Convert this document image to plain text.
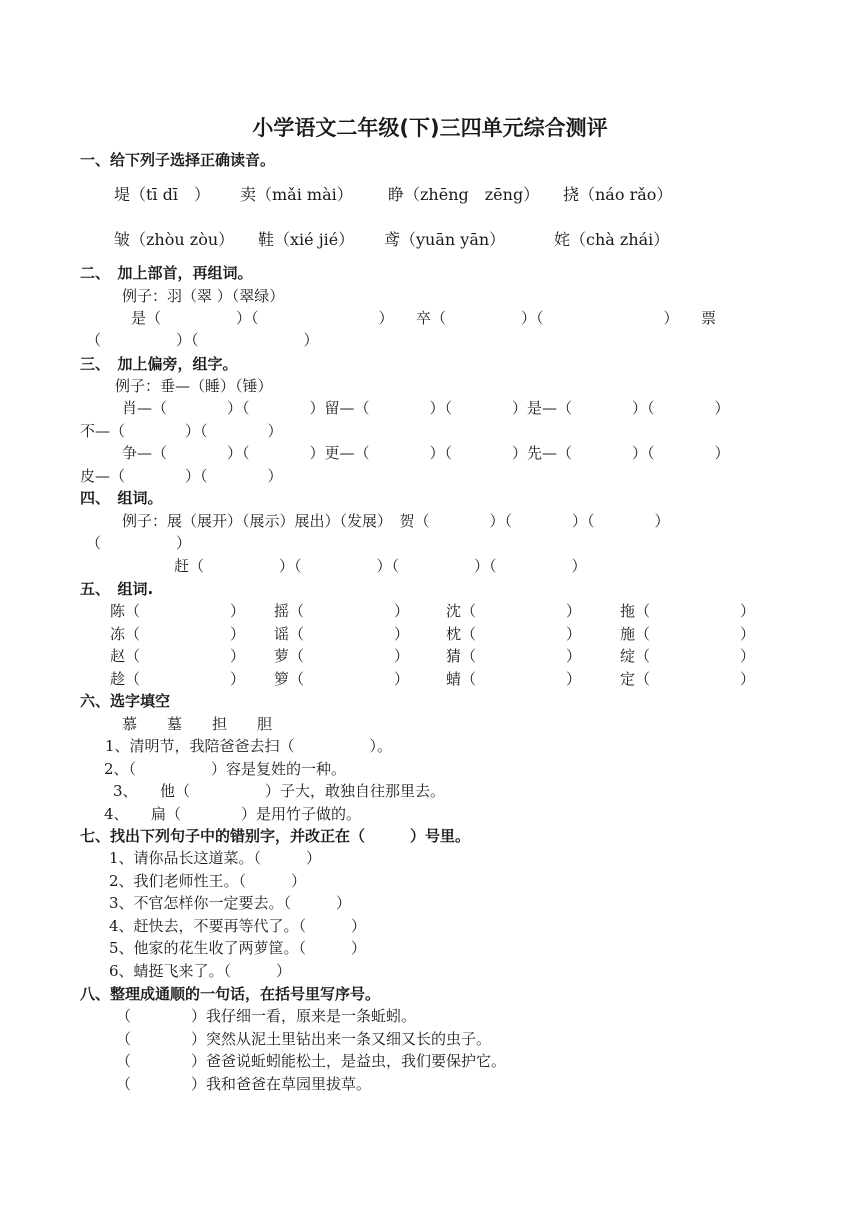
小学语文二年级(下)三四单元综合测评
一、给下列子选择正确读音。
堤（tī dī　） 卖（mǎi mài） 睁（zhēng　zēng） 挠（náo rǎo）
皱（zhòu zòu） 鞋（xié jié） 鸢（yuān yān）	姹（chà zhái）
二、　加上部首，再组词。
例子：羽（翠 ）（翠绿）
是（　　　　　）（　　　　　　　　）　　卒（　　　　　）（　　　　　　　　）　　票
（　　　　　）（　　　　　　　）
三、　加上偏旁，组字。
例子：垂—（睡）（锤）
肖—（　　　　）（　　　　）留—（　　　　）（　　　　）是—（　　　　）（　　　　）
不—（　　　　）（　　　　）
争—（　　　　）（　　　　）更—（　　　　）（　　　　）先—（　　　　）（　　　　）
皮—（　　　　）（　　　　）
四、　组词。
例子：展（展开）（展示）展出）（发展）　贺（　　　　）（　　　　）（　　　　）
（　　　　　）
赶（　　　　　）（　　　　　）（　　　　　）（　　　　　）
五、　组词.
陈（　　　　　　） 摇（　　　　　　） 沈（　　　　　　）	拖（　　　　　　）
冻（　　　　　　） 谣（　　　　　　） 枕（　　　　　　）	施（　　　　　　）
赵（　　　　　　） 萝（　　　　　　） 猜（　　　　　　）	绽（　　　　　　）
趁（　　　　　　） 箩（　　　　　　） 蜻（　　　　　　）	定（　　　　　　）
六、选字填空
慕　　墓　　担　　胆
1、清明节，我陪爸爸去扫（　　　　　）。
2、（　　　　　）容是复姓的一种。
3、　　他（　　　　　）子大，敢独自往那里去。
4、　　扁（　　　　）是用竹子做的。
七、找出下列句子中的错别字，并改正在（　　　）号里。
1、请你品长这道菜。（　　　）
2、我们老师性王。（　　　）
3、不官怎样你一定要去。（　　　）
4、赶快去，不要再等代了。（　　　）
5、他家的花生收了两萝筐。（　　　）
6、蜻挺飞来了。（　　　）
八、整理成通顺的一句话，在括号里写序号。
（　　　　）我仔细一看，原来是一条蚯蚓。
（　　　　）突然从泥土里钻出来一条又细又长的虫子。
（　　　　）爸爸说蚯蚓能松土，是益虫，我们要保护它。
（　　　　）我和爸爸在草园里拔草。
